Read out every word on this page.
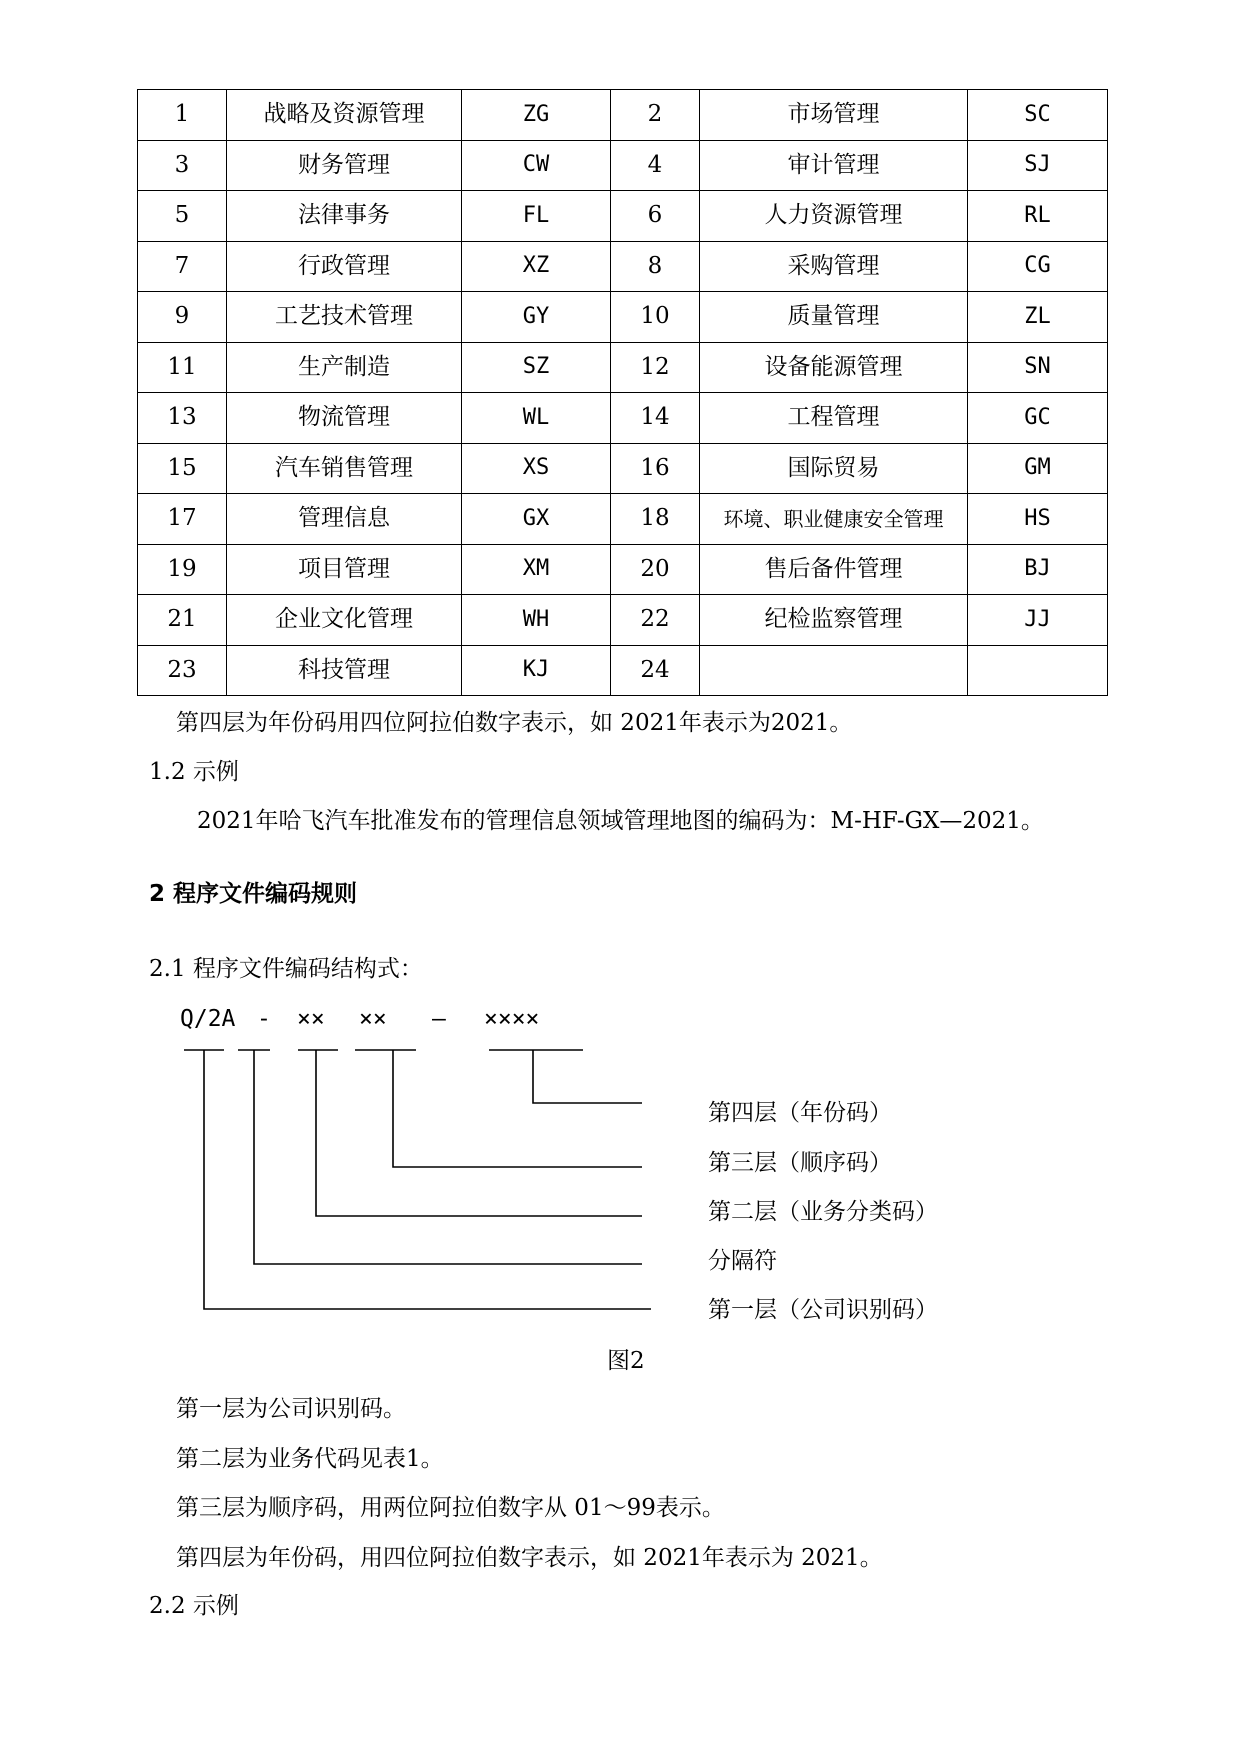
1	战略及资源管理	ZG	2	市场管理	SC
3	财务管理	CW	4	审计管理	SJ
5	法律事务	FL	6	人力资源管理	RL
7	行政管理	XZ	8	采购管理	CG
9	工艺技术管理	GY	10	质量管理	ZL
11	生产制造	SZ	12	设备能源管理	SN
13	物流管理	WL	14	工程管理	GC
15	汽车销售管理	XS	16	国际贸易	GM
17	管理信息	GX	18	环境、职业健康安全管理	HS
19	项目管理	XM	20	售后备件管理	BJ
21	企业文化管理	WH	22	纪检监察管理	JJ
23	科技管理	KJ	24		
第四层为年份码用四位阿拉伯数字表示，如 2021年表示为2021。
1.2 示例
2021年哈飞汽车批准发布的管理信息领域管理地图的编码为：M-HF-GX—2021。
2 程序文件编码规则
2.1 程序文件编码结构式：
Q/2A - ×× ×× — ××××
第四层（年份码）
第三层（顺序码）
第二层（业务分类码）
分隔符
第一层（公司识别码）
图2
第一层为公司识别码。
第二层为业务代码见表1。
第三层为顺序码，用两位阿拉伯数字从 01～99表示。
第四层为年份码，用四位阿拉伯数字表示，如 2021年表示为 2021。
2.2 示例
